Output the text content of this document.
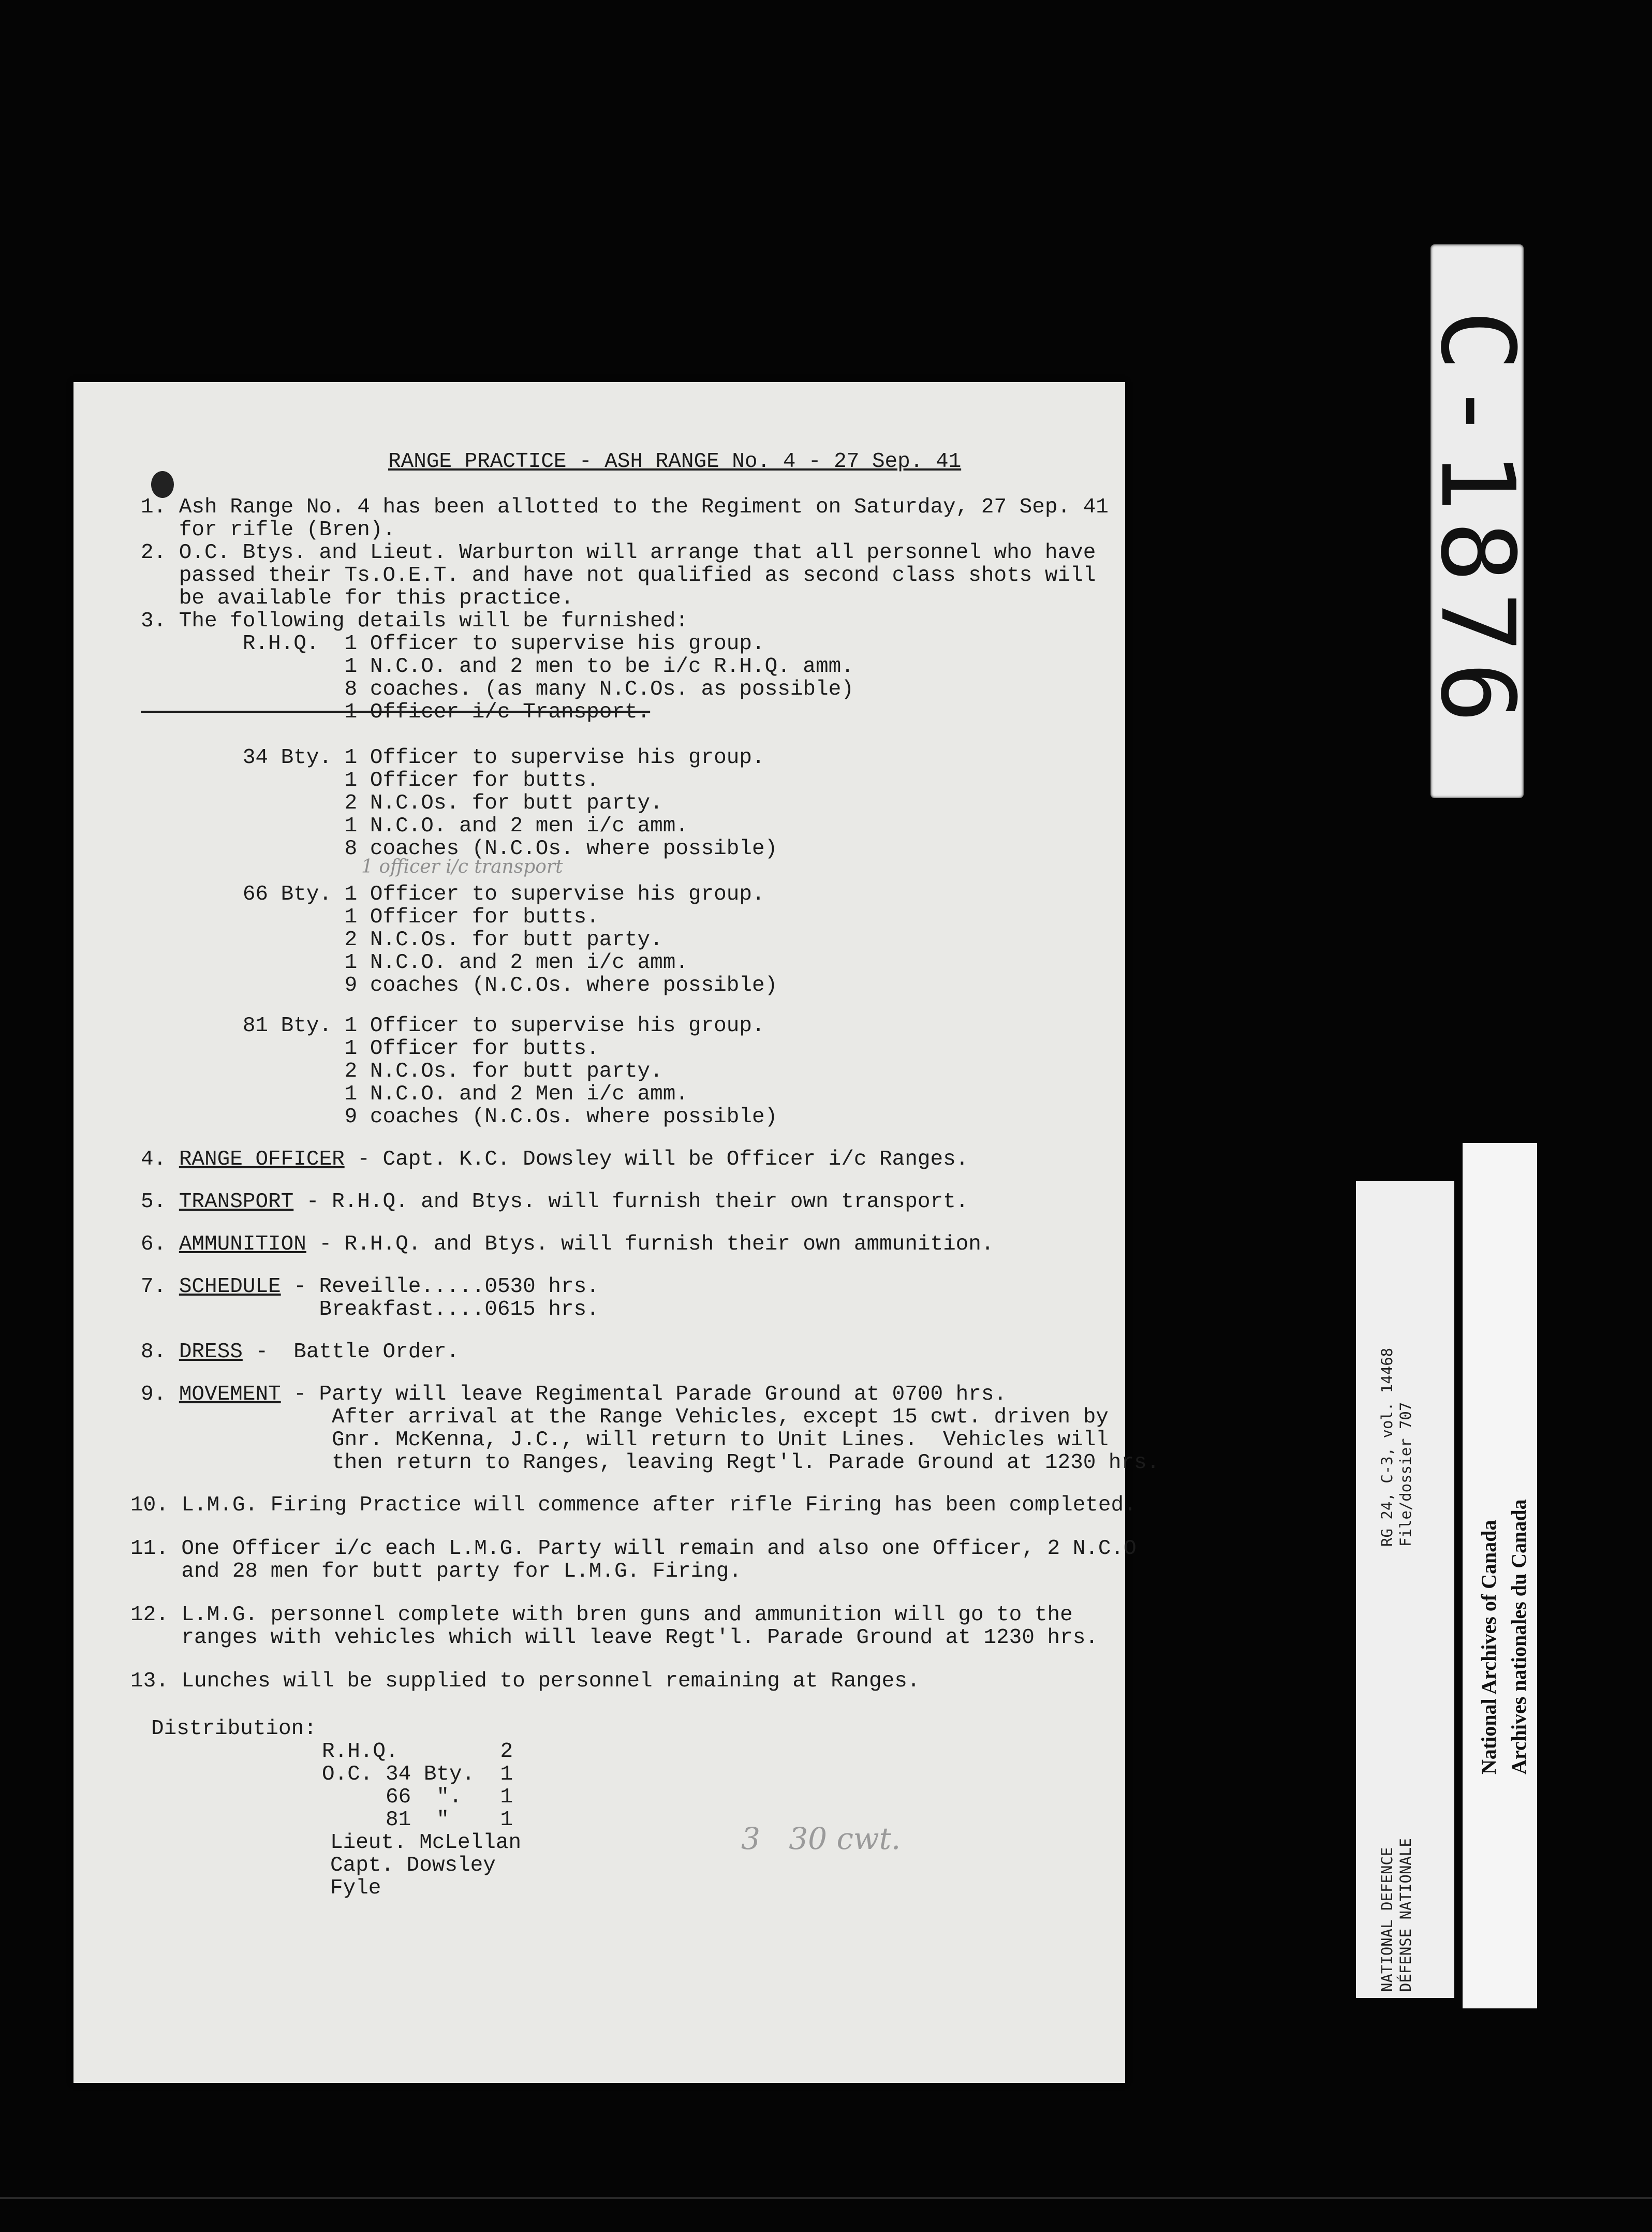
C-1876
RANGE PRACTICE - ASH RANGE No. 4 - 27 Sep. 41
1. Ash Range No. 4 has been allotted to the Regiment on Saturday, 27 Sep. 41
for rifle (Bren).
2. O.C. Btys. and Lieut. Warburton will arrange that all personnel who have
passed their Ts.O.E.T. and have not qualified as second class shots will
be available for this practice.
3. The following details will be furnished:
R.H.Q.  1 Officer to supervise his group.
1 N.C.O. and 2 men to be i/c R.H.Q. amm.
8 coaches. (as many N.C.Os. as possible)
1 Officer i/c Transport.
34 Bty. 1 Officer to supervise his group.
1 Officer for butts.
2 N.C.Os. for butt party.
1 N.C.O. and 2 men i/c amm.
8 coaches (N.C.Os. where possible)
1 officer i/c transport
66 Bty. 1 Officer to supervise his group.
1 Officer for butts.
2 N.C.Os. for butt party.
1 N.C.O. and 2 men i/c amm.
9 coaches (N.C.Os. where possible)
81 Bty. 1 Officer to supervise his group.
1 Officer for butts.
2 N.C.Os. for butt party.
1 N.C.O. and 2 Men i/c amm.
9 coaches (N.C.Os. where possible)
4. RANGE OFFICER - Capt. K.C. Dowsley will be Officer i/c Ranges.
5. TRANSPORT - R.H.Q. and Btys. will furnish their own transport.
6. AMMUNITION - R.H.Q. and Btys. will furnish their own ammunition.
7. SCHEDULE - Reveille.....0530 hrs.
Breakfast....0615 hrs.
8. DRESS -  Battle Order.
9. MOVEMENT - Party will leave Regimental Parade Ground at 0700 hrs.
After arrival at the Range Vehicles, except 15 cwt. driven by
Gnr. McKenna, J.C., will return to Unit Lines.  Vehicles will
then return to Ranges, leaving Regt'l. Parade Ground at 1230 hrs.
10. L.M.G. Firing Practice will commence after rifle Firing has been completed.
11. One Officer i/c each L.M.G. Party will remain and also one Officer, 2 N.C.O
and 28 men for butt party for L.M.G. Firing.
12. L.M.G. personnel complete with bren guns and ammunition will go to the
ranges with vehicles which will leave Regt'l. Parade Ground at 1230 hrs.
13. Lunches will be supplied to personnel remaining at Ranges.
Distribution:
R.H.Q.        2
O.C. 34 Bty.  1
66  ".   1
81  "    1
Lieut. McLellan
Capt. Dowsley
Fyle
3   30 cwt.
NATIONAL DEFENCE
DÉFENSE NATIONALE
RG 24, C-3, vol. 14468
File/dossier 707
National Archives of Canada
Archives nationales du Canada
